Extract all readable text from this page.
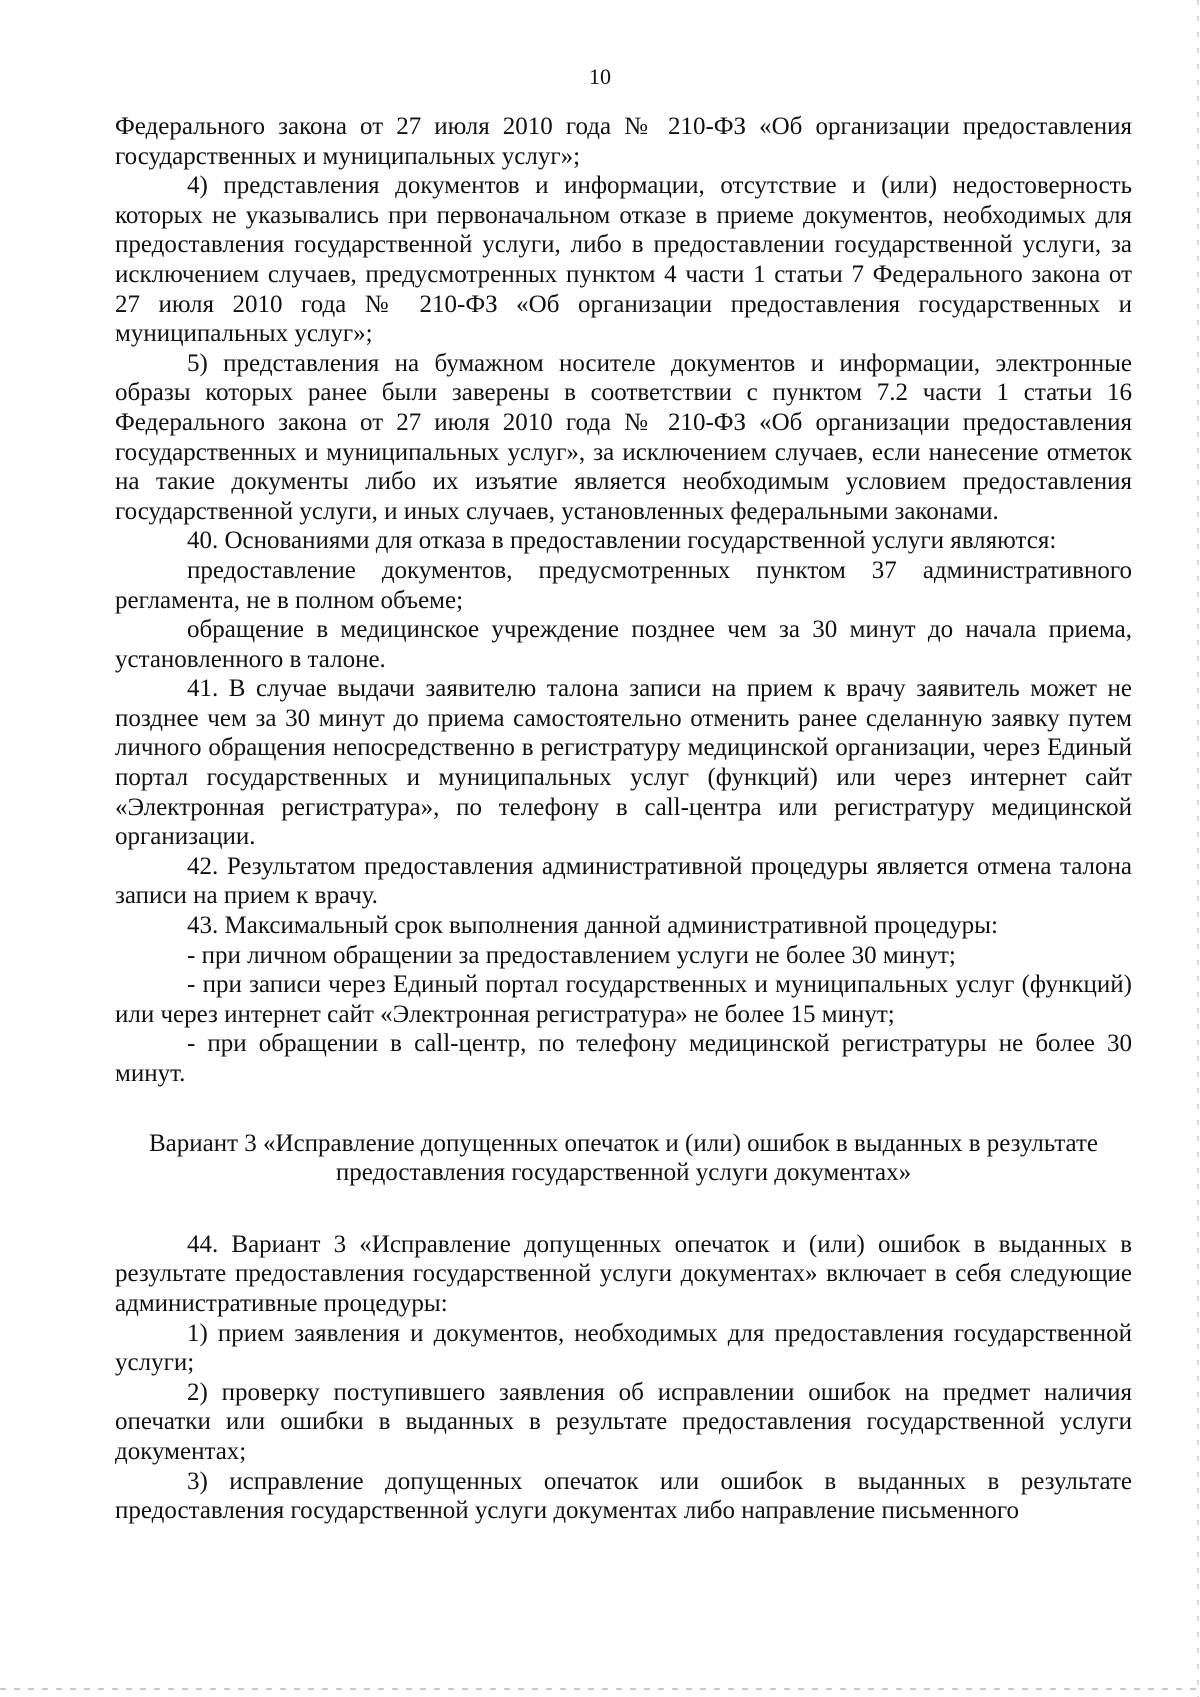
10

Федерального закона от 27 июля 2010 года № 210-ФЗ «Об организации предоставления государственных и муниципальных услуг»;

4) представления документов и информации, отсутствие и (или) недостоверность которых не указывались при первоначальном отказе в приеме документов, необходимых для предоставления государственной услуги, либо в предоставлении государственной услуги, за исключением случаев, предусмотренных пунктом 4 части 1 статьи 7 Федерального закона от 27 июля 2010 года № 210-ФЗ «Об организации предоставления государственных и муниципальных услуг»;

5) представления на бумажном носителе документов и информации, электронные образы которых ранее были заверены в соответствии с пунктом 7.2 части 1 статьи 16 Федерального закона от 27 июля 2010 года № 210-ФЗ «Об организации предоставления государственных и муниципальных услуг», за исключением случаев, если нанесение отметок на такие документы либо их изъятие является необходимым условием предоставления государственной услуги, и иных случаев, установленных федеральными законами.

40. Основаниями для отказа в предоставлении государственной услуги являются:

предоставление документов, предусмотренных пунктом 37 административного регламента, не в полном объеме;

обращение в медицинское учреждение позднее чем за 30 минут до начала приема, установленного в талоне.

41. В случае выдачи заявителю талона записи на прием к врачу заявитель может не позднее чем за 30 минут до приема самостоятельно отменить ранее сделанную заявку путем личного обращения непосредственно в регистратуру медицинской организации, через Единый портал государственных и муниципальных услуг (функций) или через интернет сайт «Электронная регистратура», по телефону в call-центра или регистратуру медицинской организации.

42. Результатом предоставления административной процедуры является отмена талона записи на прием к врачу.

43. Максимальный срок выполнения данной административной процедуры:

- при личном обращении за предоставлением услуги не более 30 минут;

- при записи через Единый портал государственных и муниципальных услуг (функций) или через интернет сайт «Электронная регистратура» не более 15 минут;

- при обращении в call-центр, по телефону медицинской регистратуры не более 30 минут.

Вариант 3 «Исправление допущенных опечаток и (или) ошибок в выданных в результате предоставления государственной услуги документах»

44. Вариант 3 «Исправление допущенных опечаток и (или) ошибок в выданных в результате предоставления государственной услуги документах» включает в себя следующие административные процедуры:

1) прием заявления и документов, необходимых для предоставления государственной услуги;

2) проверку поступившего заявления об исправлении ошибок на предмет наличия опечатки или ошибки в выданных в результате предоставления государственной услуги документах;

3) исправление допущенных опечаток или ошибок в выданных в результате предоставления государственной услуги документах либо направление письменного
